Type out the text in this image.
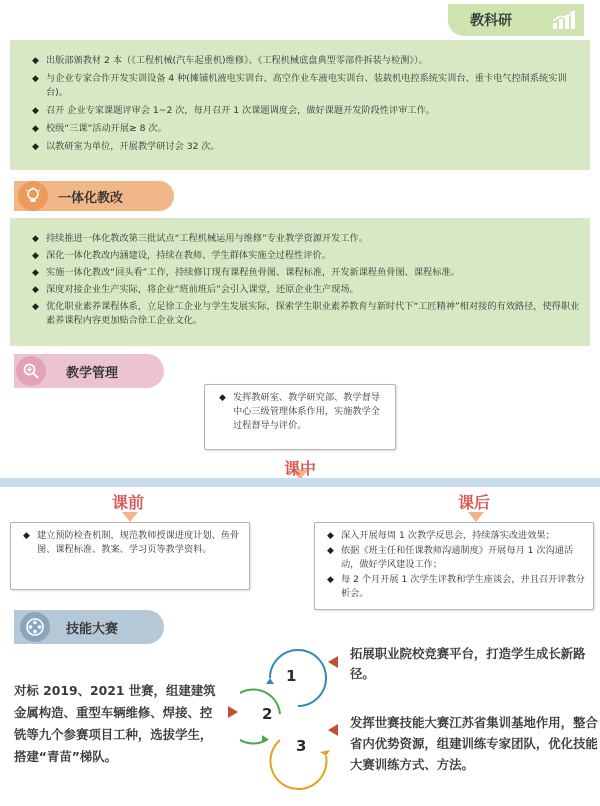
教科研
◆ 出版部颁教材 2 本（《工程机械(汽车起重机)维修》、《工程机械底盘典型零部件拆装与检测》）。
◆ 与企业专家合作开发实训设备 4 种(摊铺机液电实训台、高空作业车液电实训台、装载机电控系统实训台、重卡电气控制系统实训台)。
◆ 召开 企业专家课题评审会 1~2 次，每月召开 1 次课题调度会，做好课题开发阶段性评审工作。
◆ 校级“三课”活动开展≥ 8 次。
◆ 以教研室为单位，开展教学研讨会 32 次。
一体化教改
◆ 持续推进一体化教改第三批试点“工程机械运用与维修”专业教学资源开发工作。
◆ 深化一体化教改内涵建设，持续在教师、学生群体实施全过程性评价。
◆ 实施一体化教改“回头看”工作，持续修订现有课程鱼骨图、课程标准，开发新课程鱼骨图、课程标准。
◆ 深度对接企业生产实际，将企业“班前班后”会引入课堂，还原企业生产现场。
◆ 优化职业素养课程体系，立足徐工企业与学生发展实际，探索学生职业素养教育与新时代下“工匠精神”相对接的有效路径，使得职业素养课程内容更加贴合徐工企业文化。
教学管理
◆ 发挥教研室、教学研究部、教学督导中心三级管理体系作用，实施教学全过程督导与评价。
课中
课前	课后
◆ 建立预防检查机制，规范教师授课进度计划、鱼骨图、课程标准、教案、学习页等教学资料。
◆ 深入开展每周 1 次教学反思会，持续落实改进效果；
◆ 依据《班主任和任课教师沟通制度》开展每月 1 次沟通活动，做好学风建设工作；
◆ 每 2 个月开展 1 次学生评教和学生座谈会，并且召开评教分析会。
技能大赛
对标 2019、2021 世赛，组建建筑金属构造、重型车辆维修、焊接、控铣等九个参赛项目工种，选拔学生，搭建“青苗”梯队。
1
2
3
拓展职业院校竞赛平台，打造学生成长新路径。
发挥世赛技能大赛江苏省集训基地作用，整合省内优势资源，组建训练专家团队，优化技能大赛训练方式、方法。
